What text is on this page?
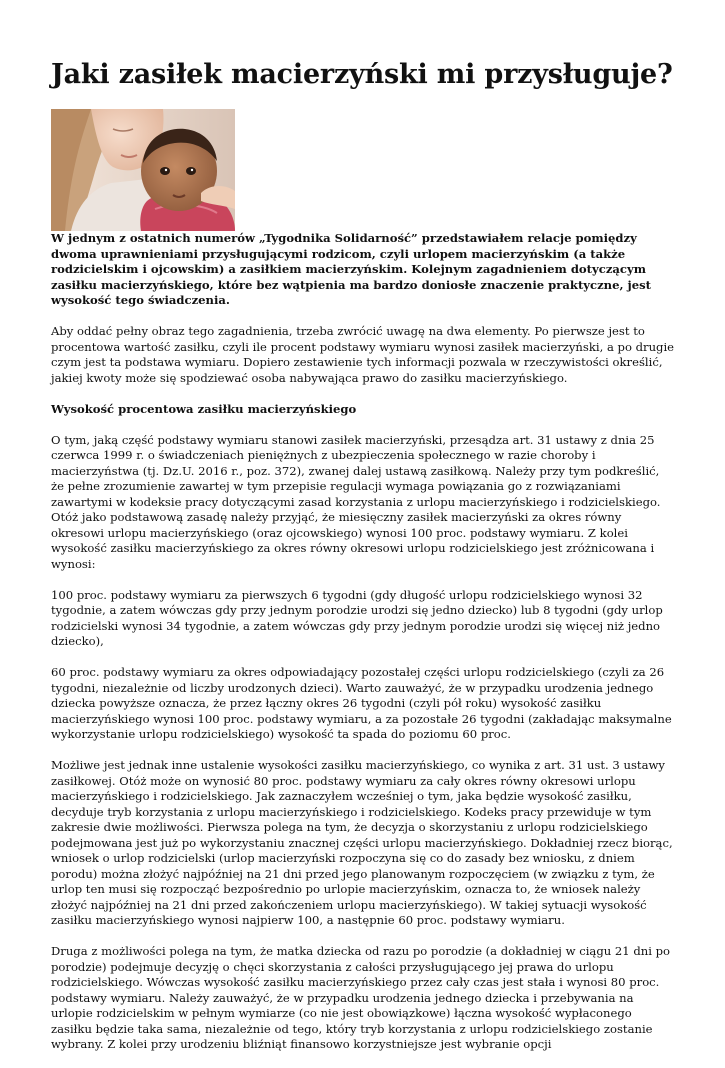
Jaki zasiłek macierzyński mi przysługuje?

W jednym z ostatnich numerów „Tygodnika Solidarność” przedstawiałem relacje pomiędzy dwoma uprawnieniami przysługującymi rodzicom, czyli urlopem macierzyńskim (a także rodzicielskim i ojcowskim) a zasiłkiem macierzyńskim. Kolejnym zagadnieniem dotyczącym zasiłku macierzyńskiego, które bez wątpienia ma bardzo doniosłe znaczenie praktyczne, jest wysokość tego świadczenia.

Aby oddać pełny obraz tego zagadnienia, trzeba zwrócić uwagę na dwa elementy. Po pierwsze jest to procentowa wartość zasiłku, czyli ile procent podstawy wymiaru wynosi zasiłek macierzyński, a po drugie czym jest ta podstawa wymiaru. Dopiero zestawienie tych informacji pozwala w rzeczywistości określić, jakiej kwoty może się spodziewać osoba nabywająca prawo do zasiłku macierzyńskiego.

Wysokość procentowa zasiłku macierzyńskiego

O tym, jaką część podstawy wymiaru stanowi zasiłek macierzyński, przesądza art. 31 ustawy z dnia 25 czerwca 1999 r. o świadczeniach pieniężnych z ubezpieczenia społecznego w razie choroby i macierzyństwa (tj. Dz.U. 2016 r., poz. 372), zwanej dalej ustawą zasiłkową. Należy przy tym podkreślić, że pełne zrozumienie zawartej w tym przepisie regulacji wymaga powiązania go z rozwiązaniami zawartymi w kodeksie pracy dotyczącymi zasad korzystania z urlopu macierzyńskiego i rodzicielskiego.

Otóż jako podstawową zasadę należy przyjąć, że miesięczny zasiłek macierzyński za okres równy okresowi urlopu macierzyńskiego (oraz ojcowskiego) wynosi 100 proc. podstawy wymiaru. Z kolei wysokość zasiłku macierzyńskiego za okres równy okresowi urlopu rodzicielskiego jest zróżnicowana i wynosi:

100 proc. podstawy wymiaru za pierwszych 6 tygodni (gdy długość urlopu rodzicielskiego wynosi 32 tygodnie, a zatem wówczas gdy przy jednym porodzie urodzi się jedno dziecko) lub 8 tygodni (gdy urlop rodzicielski wynosi 34 tygodnie, a zatem wówczas gdy przy jednym porodzie urodzi się więcej niż jedno dziecko),

60 proc. podstawy wymiaru za okres odpowiadający pozostałej części urlopu rodzicielskiego (czyli za 26 tygodni, niezależnie od liczby urodzonych dzieci). Warto zauważyć, że w przypadku urodzenia jednego dziecka powyższe oznacza, że przez łączny okres 26 tygodni (czyli pół roku) wysokość zasiłku macierzyńskiego wynosi 100 proc. podstawy wymiaru, a za pozostałe 26 tygodni (zakładając maksymalne wykorzystanie urlopu rodzicielskiego) wysokość ta spada do poziomu 60 proc.

Możliwe jest jednak inne ustalenie wysokości zasiłku macierzyńskiego, co wynika z art. 31 ust. 3 ustawy zasiłkowej. Otóż może on wynosić 80 proc. podstawy wymiaru za cały okres równy okresowi urlopu macierzyńskiego i rodzicielskiego. Jak zaznaczyłem wcześniej o tym, jaka będzie wysokość zasiłku, decyduje tryb korzystania z urlopu macierzyńskiego i rodzicielskiego. Kodeks pracy przewiduje w tym zakresie dwie możliwości. Pierwsza polega na tym, że decyzja o skorzystaniu z urlopu rodzicielskiego podejmowana jest już po wykorzystaniu znacznej części urlopu macierzyńskiego. Dokładniej rzecz biorąc, wniosek o urlop rodzicielski (urlop macierzyński rozpoczyna się co do zasady bez wniosku, z dniem porodu) można złożyć najpóźniej na 21 dni przed jego planowanym rozpoczęciem (w związku z tym, że urlop ten musi się rozpocząć bezpośrednio po urlopie macierzyńskim, oznacza to, że wniosek należy złożyć najpóźniej na 21 dni przed zakończeniem urlopu macierzyńskiego). W takiej sytuacji wysokość zasiłku macierzyńskiego wynosi najpierw 100, a następnie 60 proc. podstawy wymiaru.

Druga z możliwości polega na tym, że matka dziecka od razu po porodzie (a dokładniej w ciągu 21 dni po porodzie) podejmuje decyzję o chęci skorzystania z całości przysługującego jej prawa do urlopu rodzicielskiego. Wówczas wysokość zasiłku macierzyńskiego przez cały czas jest stała i wynosi 80 proc. podstawy wymiaru. Należy zauważyć, że w przypadku urodzenia jednego dziecka i przebywania na urlopie rodzicielskim w pełnym wymiarze (co nie jest obowiązkowe) łączna wysokość wypłaconego zasiłku będzie taka sama, niezależnie od tego, który tryb korzystania z urlopu rodzicielskiego zostanie wybrany. Z kolei przy urodzeniu bliźniąt finansowo korzystniejsze jest wybranie opcji
